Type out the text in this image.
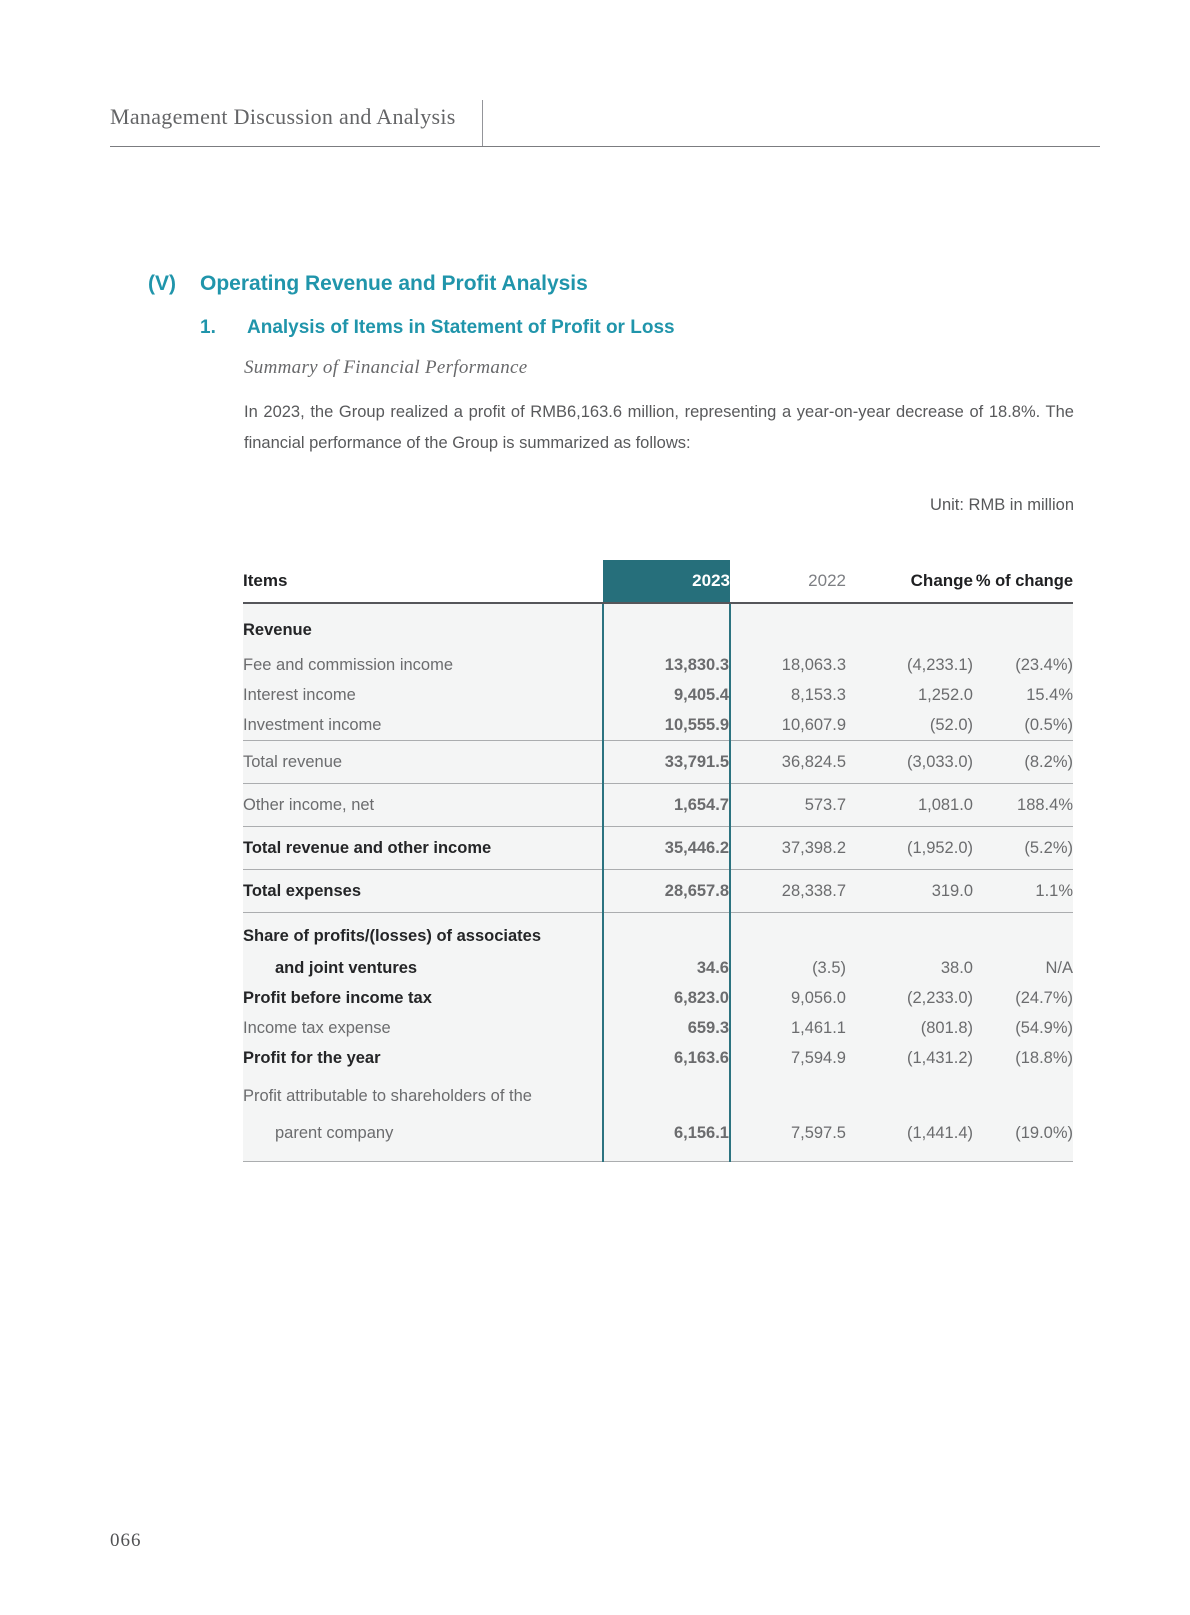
Management Discussion and Analysis
(V) Operating Revenue and Profit Analysis
1. Analysis of Items in Statement of Profit or Loss
Summary of Financial Performance
In 2023, the Group realized a profit of RMB6,163.6 million, representing a year-on-year decrease of 18.8%. The financial performance of the Group is summarized as follows:
Unit: RMB in million
Items	2023	2022	Change	% of change
Revenue				
Fee and commission income	13,830.3	18,063.3	(4,233.1)	(23.4%)
Interest income	9,405.4	8,153.3	1,252.0	15.4%
Investment income	10,555.9	10,607.9	(52.0)	(0.5%)
Total revenue	33,791.5	36,824.5	(3,033.0)	(8.2%)
Other income, net	1,654.7	573.7	1,081.0	188.4%
Total revenue and other income	35,446.2	37,398.2	(1,952.0)	(5.2%)
Total expenses	28,657.8	28,338.7	319.0	1.1%
Share of profits/(losses) of associates				
and joint ventures	34.6	(3.5)	38.0	N/A
Profit before income tax	6,823.0	9,056.0	(2,233.0)	(24.7%)
Income tax expense	659.3	1,461.1	(801.8)	(54.9%)
Profit for the year	6,163.6	7,594.9	(1,431.2)	(18.8%)
Profit attributable to shareholders of the				
parent company	6,156.1	7,597.5	(1,441.4)	(19.0%)
066
